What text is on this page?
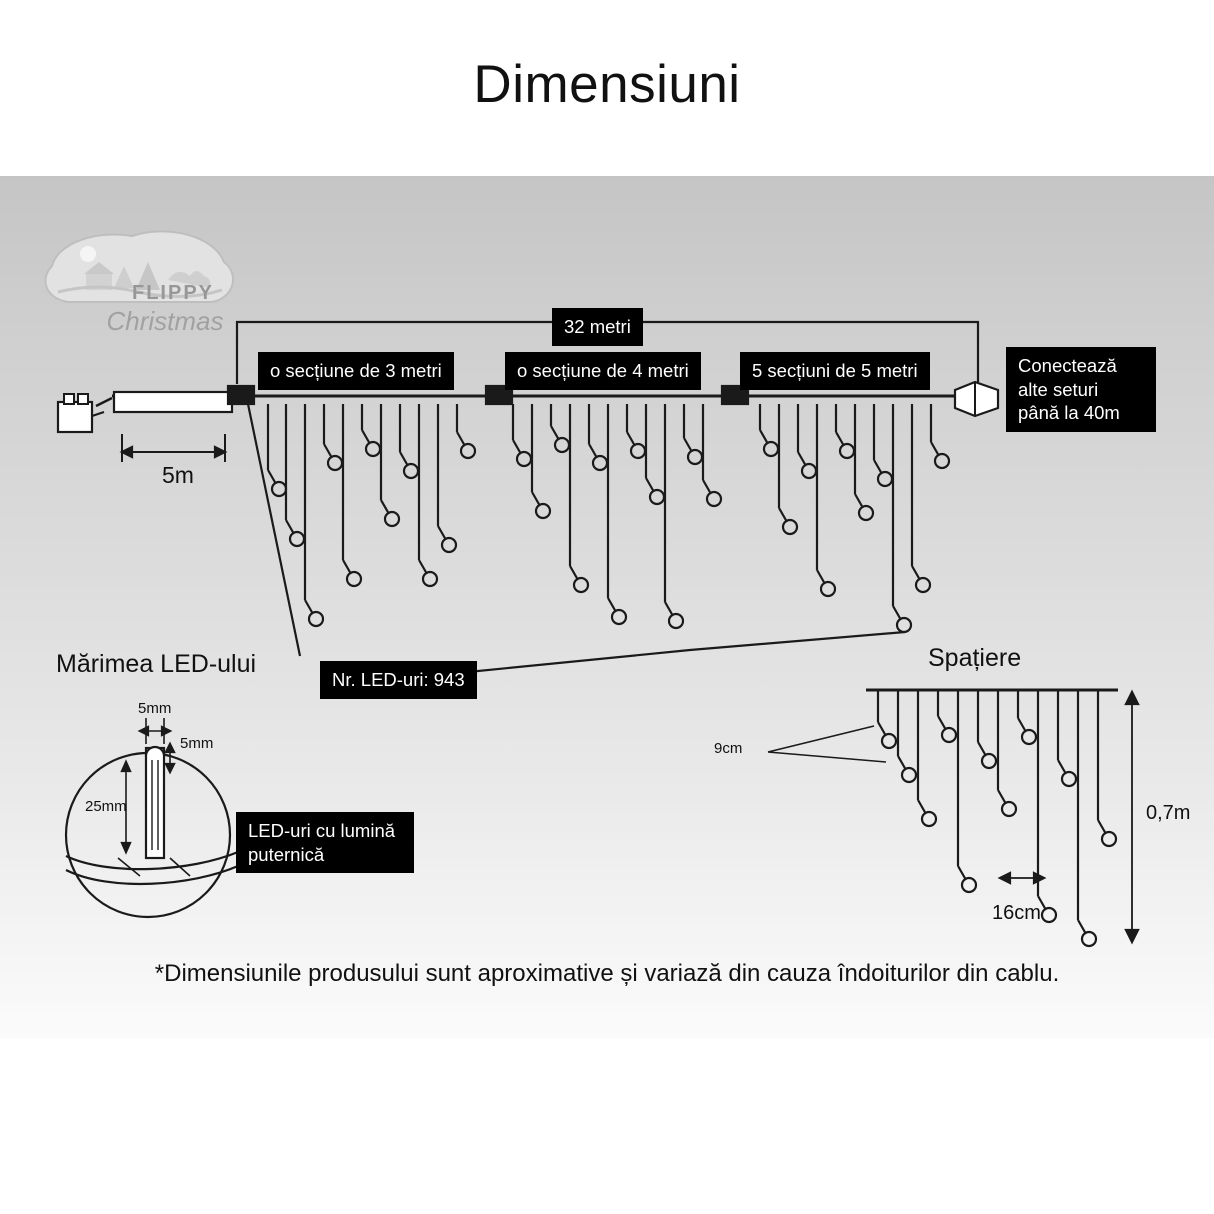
FLIPPY
Christmas
Dimensiuni
32 metri
o secțiune de 3 metri	o secțiune de 4 metri	5 secțiuni de 5 metri	Conectează alte seturi până la 40m
Nr. LED-uri: 943
LED-uri cu lumină puternică
5m
Mărimea LED-ului
5mm
5mm
25mm
Spațiere
9cm
0,7m
16cm
*Dimensiunile produsului sunt aproximative și variază din cauza îndoiturilor din cablu.
